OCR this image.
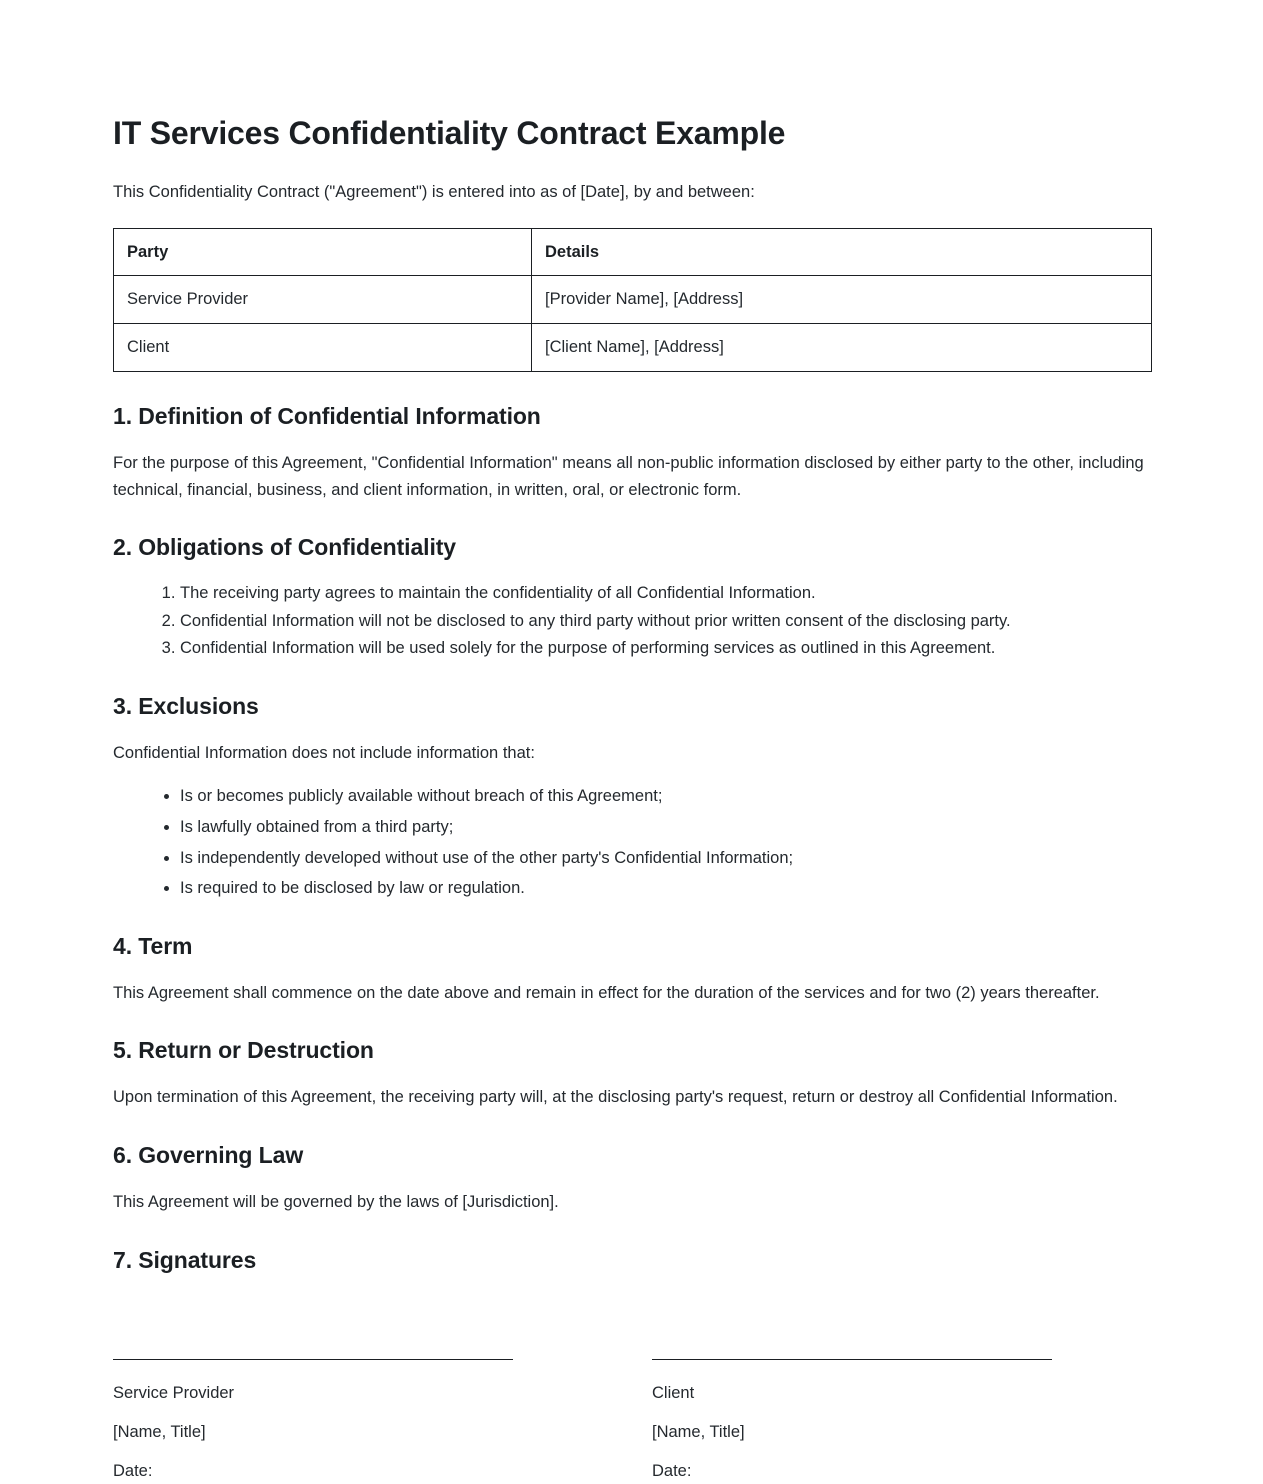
IT Services Confidentiality Contract Example

This Confidentiality Contract ("Agreement") is entered into as of [Date], by and between:

Party	Details
Service Provider	[Provider Name], [Address]
Client	[Client Name], [Address]
1. Definition of Confidential Information

For the purpose of this Agreement, "Confidential Information" means all non-public information disclosed by either party to the other, including technical, financial, business, and client information, in written, oral, or electronic form.

2. Obligations of Confidentiality
1. The receiving party agrees to maintain the confidentiality of all Confidential Information.
2. Confidential Information will not be disclosed to any third party without prior written consent of the disclosing party.
3. Confidential Information will be used solely for the purpose of performing services as outlined in this Agreement.
3. Exclusions

Confidential Information does not include information that:

• Is or becomes publicly available without breach of this Agreement;
• Is lawfully obtained from a third party;
• Is independently developed without use of the other party's Confidential Information;
• Is required to be disclosed by law or regulation.
4. Term

This Agreement shall commence on the date above and remain in effect for the duration of the services and for two (2) years thereafter.

5. Return or Destruction

Upon termination of this Agreement, the receiving party will, at the disclosing party's request, return or destroy all Confidential Information.

6. Governing Law

This Agreement will be governed by the laws of [Jurisdiction].

7. Signatures

Service Provider

[Name, Title]

Date:

Client

[Name, Title]

Date:
